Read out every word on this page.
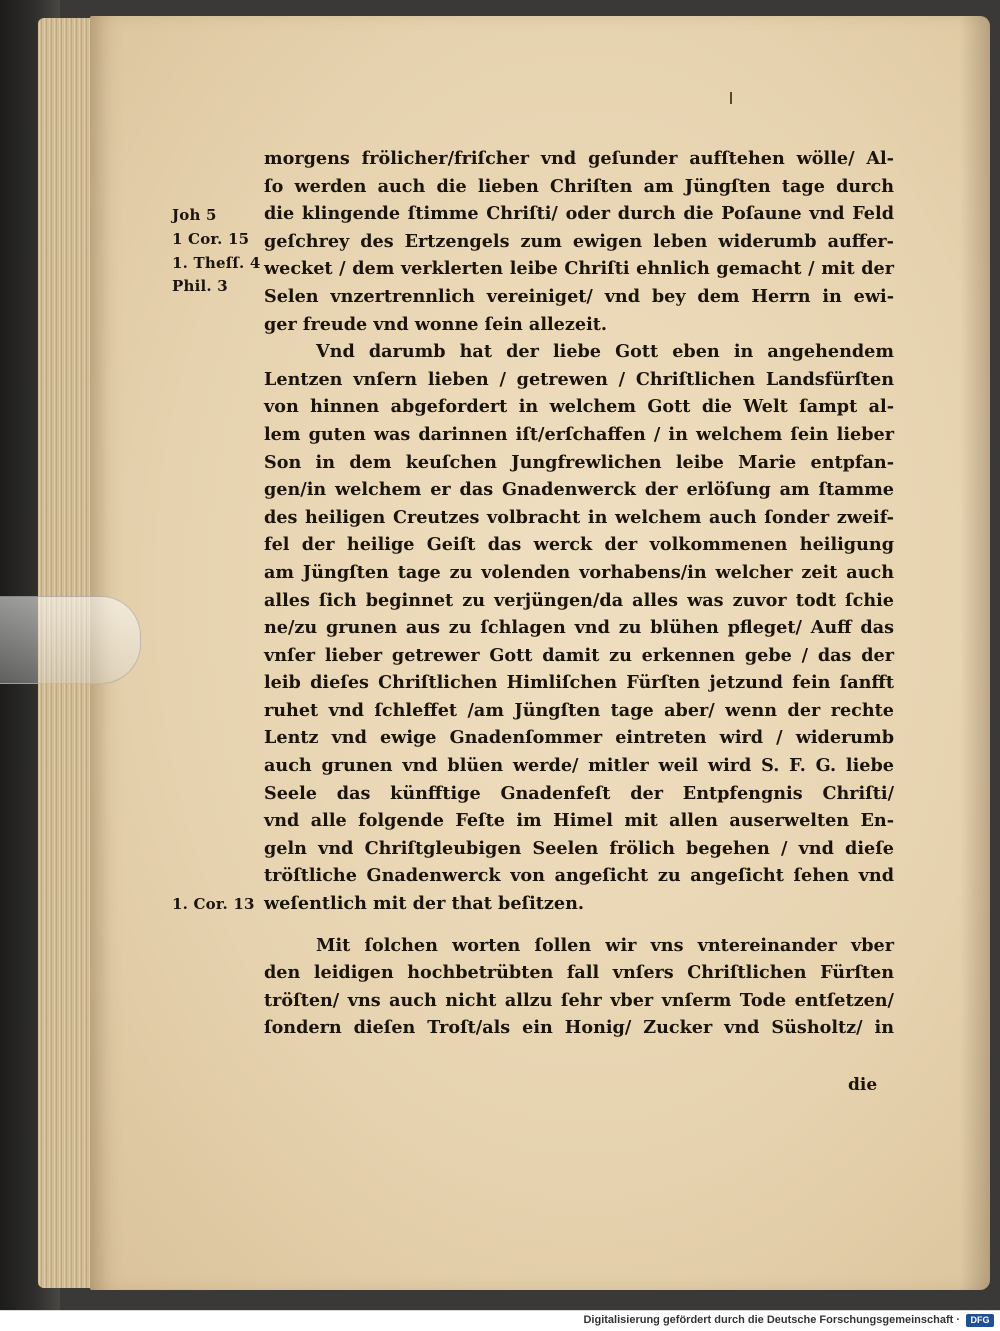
Joh 5
1 Cor. 15
1. Theſſ. 4
Phil. 3
1. Cor. 13
morgens frölicher/friſcher vnd geſunder aufſtehen wölle/ Al-
ſo werden auch die lieben Chriſten am Jüngſten tage durch
die klingende ſtimme Chriſti/ oder durch die Poſaune vnd Feld
geſchrey des Ertzengels zum ewigen leben widerumb auffer-
wecket / dem verklerten leibe Chriſti ehnlich gemacht / mit der
Selen vnzertrennlich vereiniget/ vnd bey dem Herrn in ewi-
ger freude vnd wonne ſein allezeit.
Vnd darumb hat der liebe Gott eben in angehendem
Lentzen vnſern lieben / getrewen / Chriſtlichen Landsfürſten
von hinnen abgefordert in welchem Gott die Welt ſampt al-
lem guten was darinnen iſt/erſchaffen / in welchem ſein lieber
Son in dem keuſchen Jungfrewlichen leibe Marie entpfan-
gen/in welchem er das Gnadenwerck der erlöſung am ſtamme
des heiligen Creutzes volbracht in welchem auch ſonder zweif-
fel der heilige Geiſt das werck der volkommenen heiligung
am Jüngſten tage zu volenden vorhabens/in welcher zeit auch
alles ſich beginnet zu verjüngen/da alles was zuvor todt ſchie
ne/zu grunen aus zu ſchlagen vnd zu blühen pfleget/ Auff das
vnſer lieber getrewer Gott damit zu erkennen gebe / das der
leib dieſes Chriſtlichen Himliſchen Fürſten jetzund fein ſanfft
ruhet vnd ſchleffet /am Jüngſten tage aber/ wenn der rechte
Lentz vnd ewige Gnadenſommer eintreten wird / widerumb
auch grunen vnd blüen werde/ mitler weil wird S. F. G. liebe
Seele das künfftige Gnadenfeſt der Entpfengnis Chriſti/
vnd alle folgende Feſte im Himel mit allen auserwelten En-
geln vnd Chriſtgleubigen Seelen frölich begehen / vnd dieſe
tröſtliche Gnadenwerck von angeſicht zu angeſicht ſehen vnd
weſentlich mit der that beſitzen.
Mit ſolchen worten ſollen wir vns vntereinander vber
den leidigen hochbetrübten fall vnſers Chriſtlichen Fürſten
tröſten/ vns auch nicht allzu ſehr vber vnſerm Tode entſetzen/
ſondern dieſen Troſt/als ein Honig/ Zucker vnd Süsholtz/ in
die
Digitalisierung gefördert durch die Deutsche Forschungsgemeinschaft ·	DFG
